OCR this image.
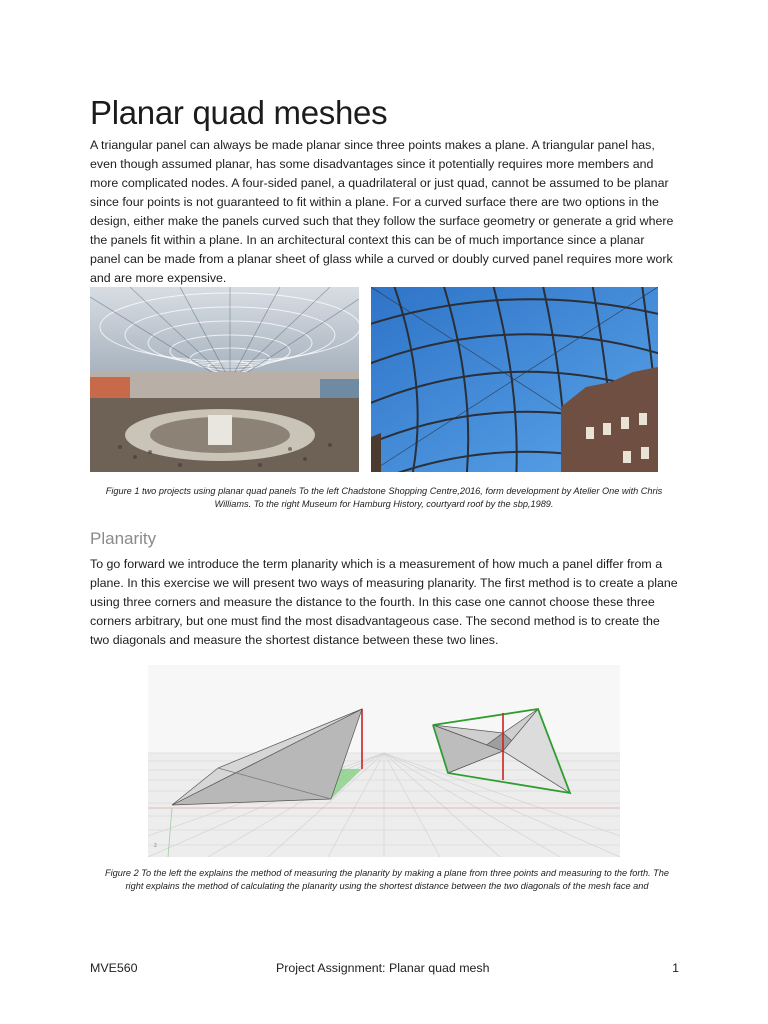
Planar quad meshes

A triangular panel can always be made planar since three points makes a plane. A triangular panel has, even though assumed planar, has some disadvantages since it potentially requires more members and more complicated nodes. A four-sided panel, a quadrilateral or just quad, cannot be assumed to be planar since four points is not guaranteed to fit within a plane. For a curved surface there are two options in the design, either make the panels curved such that they follow the surface geometry or generate a grid where the panels fit within a plane. In an architectural context this can be of much importance since a planar panel can be made from a planar sheet of glass while a curved or doubly curved panel requires more work and are more expensive.

Figure 1 two projects using planar quad panels To the left Chadstone Shopping Centre,2016, form development by Atelier One with Chris Williams. To the right Museum for Hamburg History, courtyard roof by the sbp,1989.

Planarity

To go forward we introduce the term planarity which is a measurement of how much a panel differ from a plane. In this exercise we will present two ways of measuring planarity. The first method is to create a plane using three corners and measure the distance to the fourth. In this case one cannot choose these three corners arbitrary, but one must find the most disadvantageous case. The second method is to create the two diagonals and measure the shortest distance between these two lines.

z

Figure 2 To the left the explains the method of measuring the planarity by making a plane from three points and measuring to the forth. The right explains the method of calculating the planarity using the shortest distance between the two diagonals of the mesh face and

MVE560	Project Assignment: Planar quad mesh	1
